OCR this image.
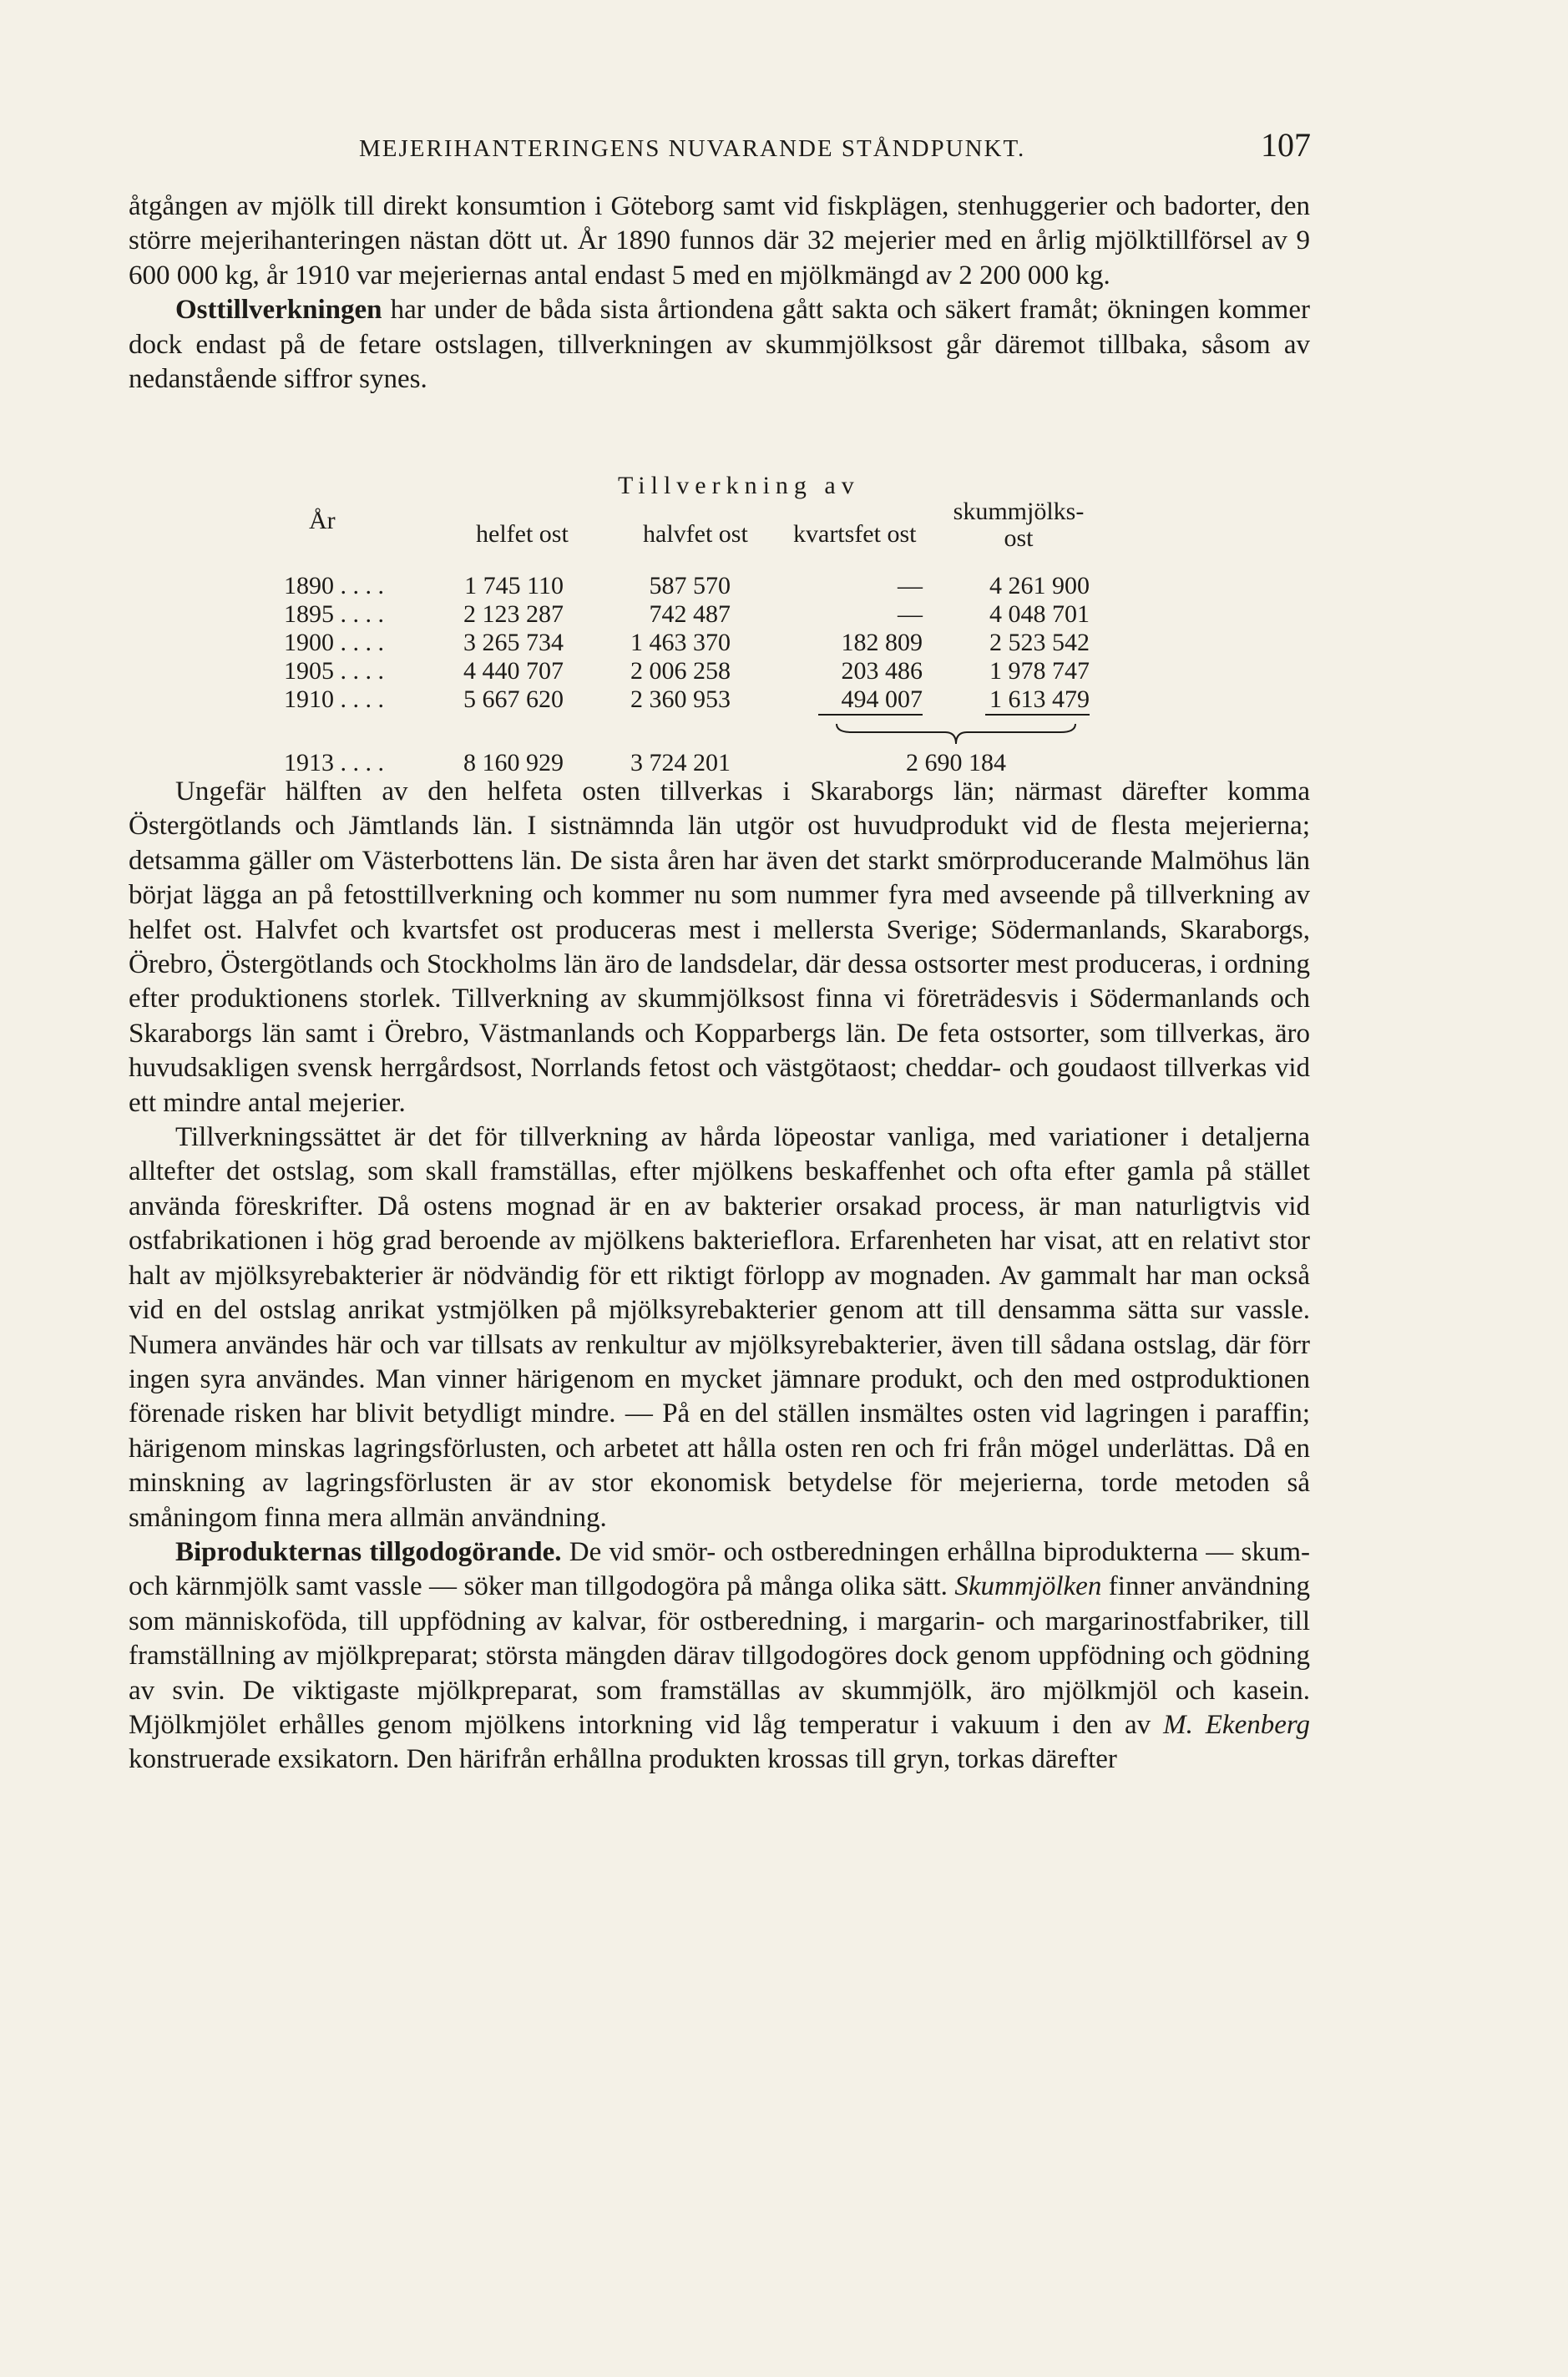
MEJERIHANTERINGENS NUVARANDE STÅNDPUNKT.	107

åtgången av mjölk till direkt konsumtion i Göteborg samt vid fiskplägen, stenhuggerier och badorter, den större mejerihanteringen nästan dött ut. År 1890 funnos där 32 mejerier med en årlig mjölktillförsel av 9 600 000 kg, år 1910 var mejeriernas antal endast 5 med en mjölkmängd av 2 200 000 kg.

Osttillverkningen har under de båda sista årtiondena gått sakta och säkert framåt; ökningen kommer dock endast på de fetare ostslagen, tillverkningen av skummjölksost går däremot tillbaka, såsom av nedanstående siffror synes.

Tillverkning av
År	helfet ost	halvfet ost kvartsfet ost
skummjölks-
ost
1890 . . . .	1 745 110	587 570	—	4 261 900
1895 . . . .	2 123 287	742 487	—	4 048 701
1900 . . . .	3 265 734	1 463 370	182 809	2 523 542
1905 . . . .	4 440 707	2 006 258	203 486	1 978 747
1910 . . . .	5 667 620	2 360 953	494 007	1 613 479
1913 . . . .	8 160 929	3 724 201	2 690 184

Ungefär hälften av den helfeta osten tillverkas i Skaraborgs län; närmast därefter komma Östergötlands och Jämtlands län. I sistnämnda län utgör ost huvudprodukt vid de flesta mejerierna; detsamma gäller om Västerbottens län. De sista åren har även det starkt smörproducerande Malmöhus län börjat lägga an på fetosttillverkning och kommer nu som nummer fyra med avseende på tillverkning av helfet ost. Halvfet och kvartsfet ost produceras mest i mellersta Sverige; Södermanlands, Skaraborgs, Örebro, Östergötlands och Stockholms län äro de landsdelar, där dessa ostsorter mest produceras, i ordning efter produktionens storlek. Tillverkning av skummjölksost finna vi företrädesvis i Södermanlands och Skaraborgs län samt i Örebro, Västmanlands och Kopparbergs län. De feta ostsorter, som tillverkas, äro huvudsakligen svensk herrgårdsost, Norrlands fetost och västgötaost; cheddar- och goudaost tillverkas vid ett mindre antal mejerier.

Tillverkningssättet är det för tillverkning av hårda löpeostar vanliga, med variationer i detaljerna alltefter det ostslag, som skall framställas, efter mjölkens beskaffenhet och ofta efter gamla på stället använda föreskrifter. Då ostens mognad är en av bakterier orsakad process, är man naturligtvis vid ostfabrikationen i hög grad beroende av mjölkens bakterieflora. Erfarenheten har visat, att en relativt stor halt av mjölksyrebakterier är nödvändig för ett riktigt förlopp av mognaden. Av gammalt har man också vid en del ostslag anrikat ystmjölken på mjölksyrebakterier genom att till densamma sätta sur vassle. Numera användes här och var tillsats av renkultur av mjölksyrebakterier, även till sådana ostslag, där förr ingen syra användes. Man vinner härigenom en mycket jämnare produkt, och den med ostproduktionen förenade risken har blivit betydligt mindre. — På en del ställen insmältes osten vid lagringen i paraffin; härigenom minskas lagringsförlusten, och arbetet att hålla osten ren och fri från mögel underlättas. Då en minskning av lagringsförlusten är av stor ekonomisk betydelse för mejerierna, torde metoden så småningom finna mera allmän användning.

Biprodukternas tillgodogörande. De vid smör- och ostberedningen erhållna biprodukterna — skum- och kärnmjölk samt vassle — söker man tillgodogöra på många olika sätt. Skummjölken finner användning som människoföda, till uppfödning av kalvar, för ostberedning, i margarin- och margarinostfabriker, till framställning av mjölkpreparat; största mängden därav tillgodogöres dock genom uppfödning och gödning av svin. De viktigaste mjölkpreparat, som framställas av skummjölk, äro mjölkmjöl och kasein. Mjölkmjölet erhålles genom mjölkens intorkning vid låg temperatur i vakuum i den av M. Ekenberg konstruerade exsikatorn. Den härifrån erhållna produkten krossas till gryn, torkas därefter
